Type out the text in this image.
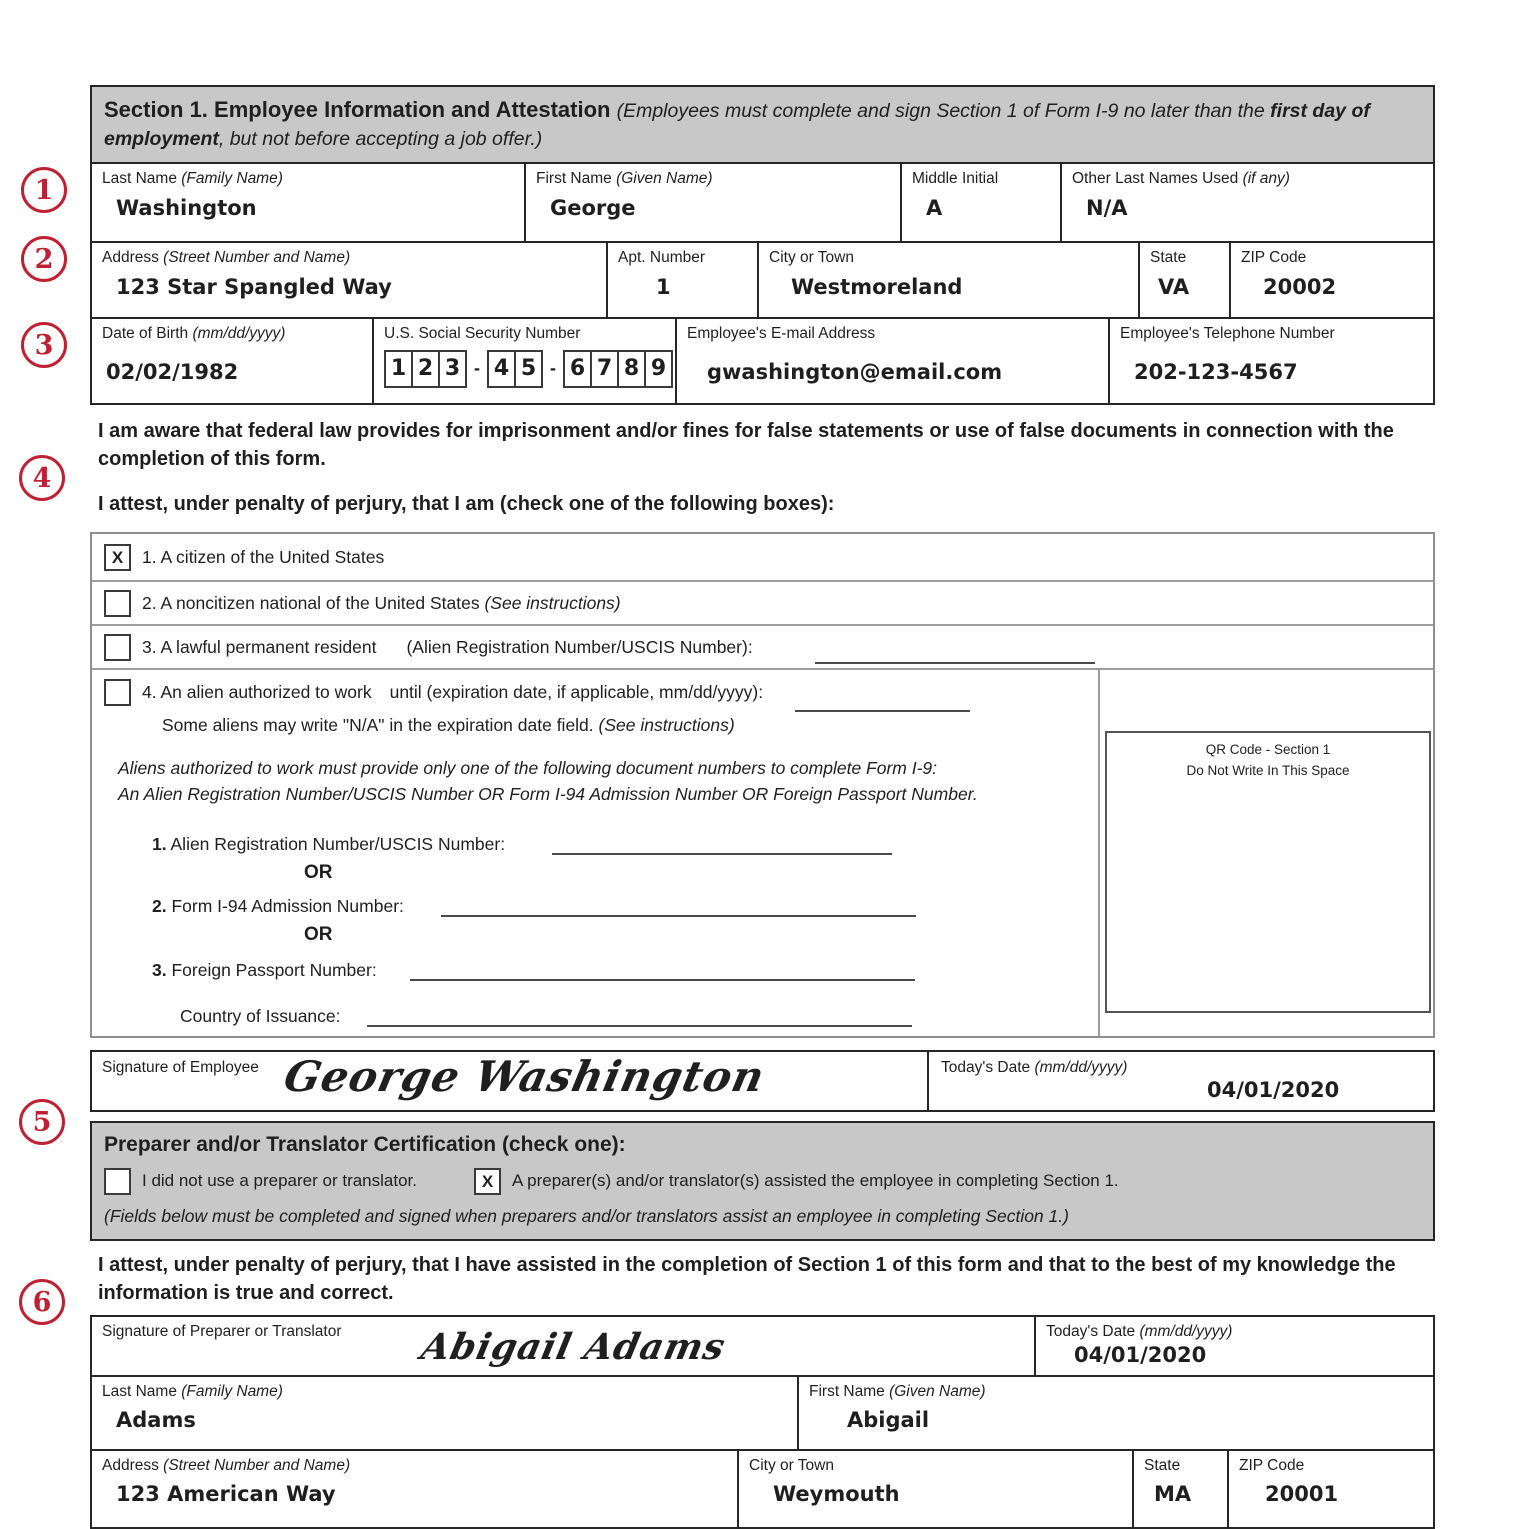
1
2
3
4
5
6
Section 1. Employee Information and Attestation (Employees must complete and sign Section 1 of Form I-9 no later than the first day of employment, but not before accepting a job offer.)
Last Name (Family Name)
Washington
First Name (Given Name)
George
Middle Initial
A
Other Last Names Used (if any)
N/A
Address (Street Number and Name)
123 Star Spangled Way
Apt. Number
1
City or Town
Westmoreland
State
VA
ZIP Code
20002
Date of Birth (mm/dd/yyyy)
02/02/1982
U.S. Social Security Number
1 2 3 - 4 5 - 6 7 8 9
Employee's E-mail Address
gwashington@email.com
Employee's Telephone Number
202-123-4567
I am aware that federal law provides for imprisonment and/or fines for false statements or use of false documents in connection with the completion of this form.
I attest, under penalty of perjury, that I am (check one of the following boxes):
X 1. A citizen of the United States
2. A noncitizen national of the United States (See instructions)
3. A lawful permanent resident (Alien Registration Number/USCIS Number):
4. An alien authorized to work until (expiration date, if applicable, mm/dd/yyyy):
Some aliens may write "N/A" in the expiration date field. (See instructions)
Aliens authorized to work must provide only one of the following document numbers to complete Form I-9:
An Alien Registration Number/USCIS Number OR Form I-94 Admission Number OR Foreign Passport Number.
1. Alien Registration Number/USCIS Number:
OR
2. Form I-94 Admission Number:
OR
3. Foreign Passport Number:
Country of Issuance:
QR Code - Section 1
Do Not Write In This Space
Signature of Employee George Washington	Today's Date (mm/dd/yyyy)
04/01/2020
Preparer and/or Translator Certification (check one):
I did not use a preparer or translator.	X A preparer(s) and/or translator(s) assisted the employee in completing Section 1.
(Fields below must be completed and signed when preparers and/or translators assist an employee in completing Section 1.)
I attest, under penalty of perjury, that I have assisted in the completion of Section 1 of this form and that to the best of my knowledge the information is true and correct.
Signature of Preparer or Translator Abigail Adams	Today's Date (mm/dd/yyyy)
04/01/2020
Last Name (Family Name)
Adams
First Name (Given Name)
Abigail
Address (Street Number and Name)
123 American Way
City or Town
Weymouth
State
MA
ZIP Code
20001
